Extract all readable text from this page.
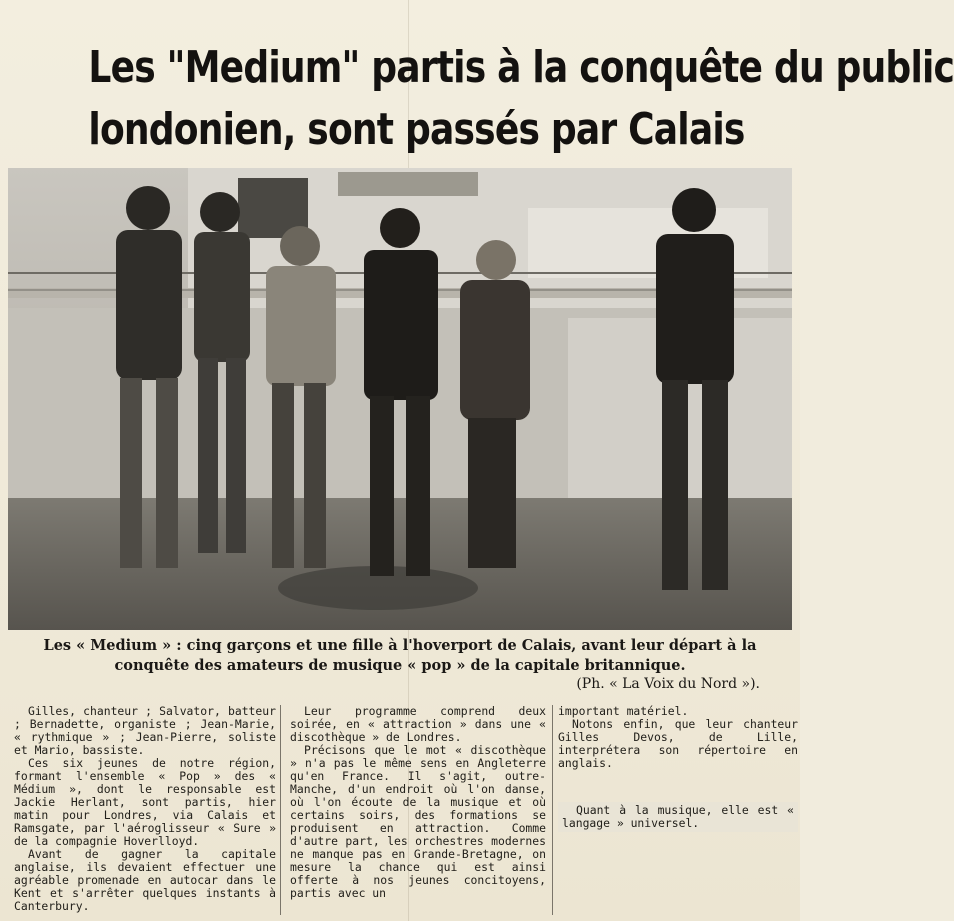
Les "Medium" partis à la conquête du public
londonien, sont passés par Calais
Les « Medium » : cinq garçons et une fille à l'hoverport de Calais, avant leur départ à la conquête des amateurs de musique « pop » de la capitale britannique.
(Ph. « La Voix du Nord »).

Gilles, chanteur ; Salvator, batteur ; Bernadette, organiste ; Jean-Marie, « rythmique » ; Jean-Pierre, soliste et Mario, bassiste.

Ces six jeunes de notre région, formant l'ensemble « Pop » des « Médium », dont le responsable est Jackie Herlant, sont partis, hier matin pour Londres, via Calais et Ramsgate, par l'aéroglisseur « Sure » de la compagnie Hoverlloyd.

Avant de gagner la capitale anglaise, ils devaient effectuer une agréable promenade en autocar dans le Kent et s'arrêter quelques instants à Canterbury.

Leur programme comprend deux soirée, en « attraction » dans une « discothèque » de Londres.

Précisons que le mot « discothèque » n'a pas le même sens en Angleterre qu'en France. Il s'agit, outre-Manche, d'un endroit où l'on danse, où l'on écoute de la musique et où certains soirs, des formations se produisent en attraction. Comme d'autre part, les orchestres modernes ne manque pas en Grande-Bretagne, on mesure la chance qui est ainsi offerte à nos jeunes concitoyens, partis avec un

important matériel.

Notons enfin, que leur chanteur Gilles Devos, de Lille, interprétera son répertoire en anglais.

Quant à la musique, elle est « langage » universel.
